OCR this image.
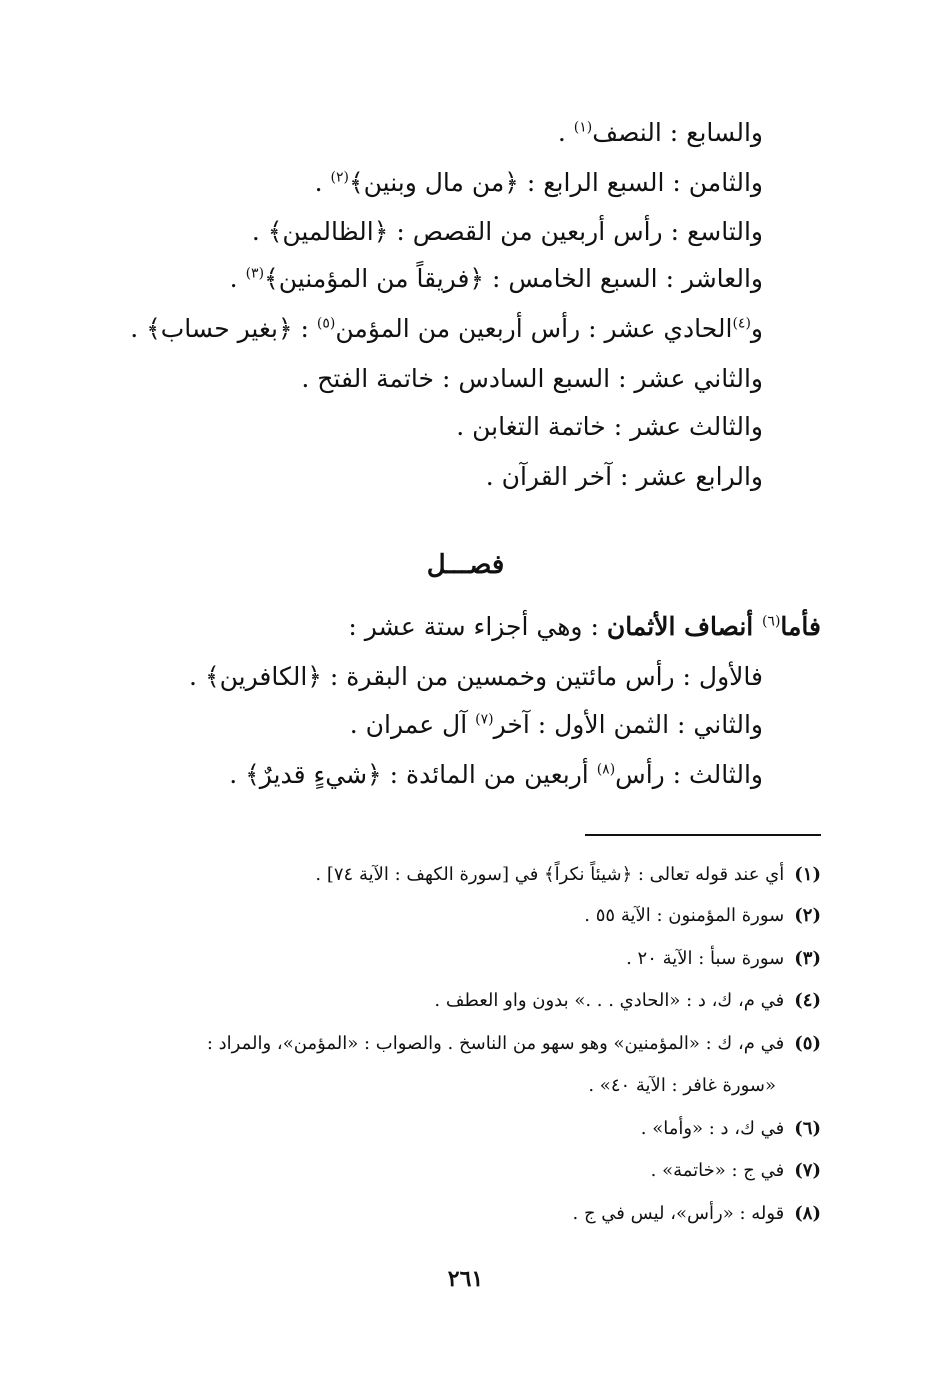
والسابع : النصف$^{(١)}$ .
والثامن : السبع الرابع : ﴿من مال وبنين﴾$^{(٢)}$ .
والتاسع : رأس أربعين من القصص : ﴿الظالمين﴾ .
والعاشر : السبع الخامس : ﴿فريقاً من المؤمنين﴾$^{(٣)}$ .
و$^{(٤)}$الحادي عشر : رأس أربعين من المؤمن$^{(٥)}$ : ﴿بغير حساب﴾ .
والثاني عشر : السبع السادس : خاتمة الفتح .
والثالث عشر : خاتمة التغابن .
والرابع عشر : آخر القرآن .
فصـــل
فأما$^{(٦)}$ أنصاف الأثمان : وهي أجزاء ستة عشر :
فالأول : رأس مائتين وخمسين من البقرة : ﴿الكافرين﴾ .
والثاني : الثمن الأول : آخر$^{(٧)}$ آل عمران .
والثالث : رأس$^{(٨)}$ أربعين من المائدة : ﴿شيءٍ قديرٌ﴾ .
(١)أي عند قوله تعالى : ﴿شيئاً نكراً﴾ في [سورة الكهف : الآية ٧٤] .
(٢)سورة المؤمنون : الآية ٥٥ .
(٣)سورة سبأ : الآية ٢٠ .
(٤)في م، ك، د : «الحادي . . .» بدون واو العطف .
(٥)في م، ك : «المؤمنين» وهو سهو من الناسخ . والصواب : «المؤمن»، والمراد :
«سورة غافر : الآية ٤٠» .
(٦)في ك، د : «وأما» .
(٧)في ج : «خاتمة» .
(٨)قوله : «رأس»، ليس في ج .
٢٦١
